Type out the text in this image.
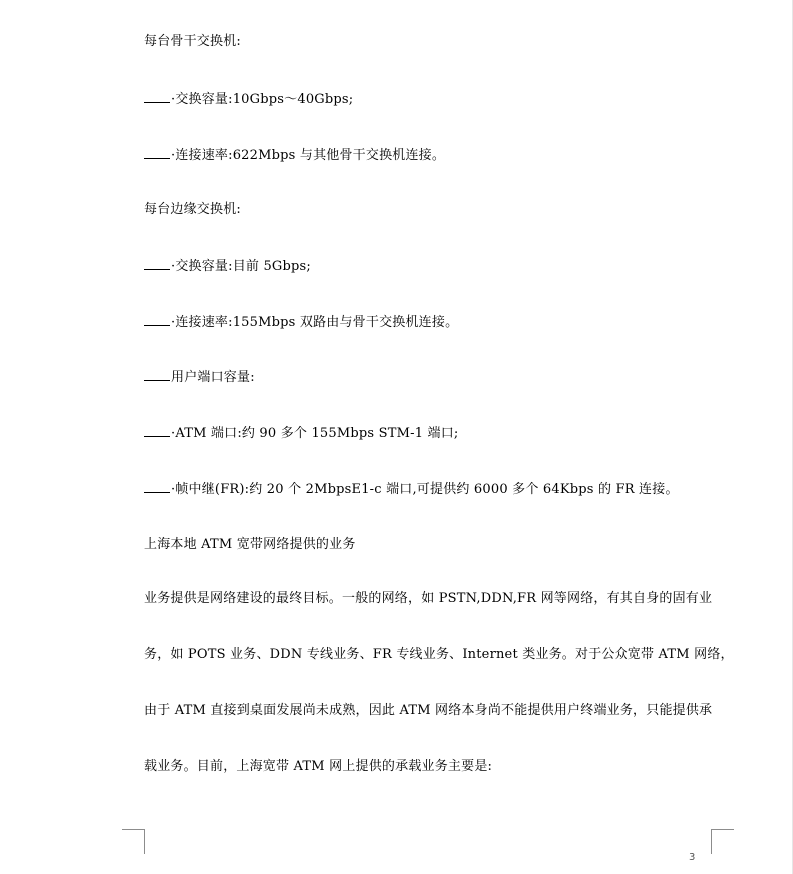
每台骨干交换机:
·交换容量:10Gbps～40Gbps;
·连接速率:622Mbps 与其他骨干交换机连接。
每台边缘交换机:
·交换容量:目前 5Gbps;
·连接速率:155Mbps 双路由与骨干交换机连接。
用户端口容量:
·ATM 端口:约 90 多个 155Mbps STM-1 端口;
·帧中继(FR):约 20 个 2MbpsE1-c 端口,可提供约 6000 多个 64Kbps 的 FR 连接。
上海本地 ATM 宽带网络提供的业务
业务提供是网络建设的最终目标。一般的网络，如 PSTN,DDN,FR 网等网络，有其自身的固有业
务，如 POTS 业务、DDN 专线业务、FR 专线业务、Internet 类业务。对于公众宽带 ATM 网络，
由于 ATM 直接到桌面发展尚未成熟，因此 ATM 网络本身尚不能提供用户终端业务，只能提供承
载业务。目前，上海宽带 ATM 网上提供的承载业务主要是:
3
